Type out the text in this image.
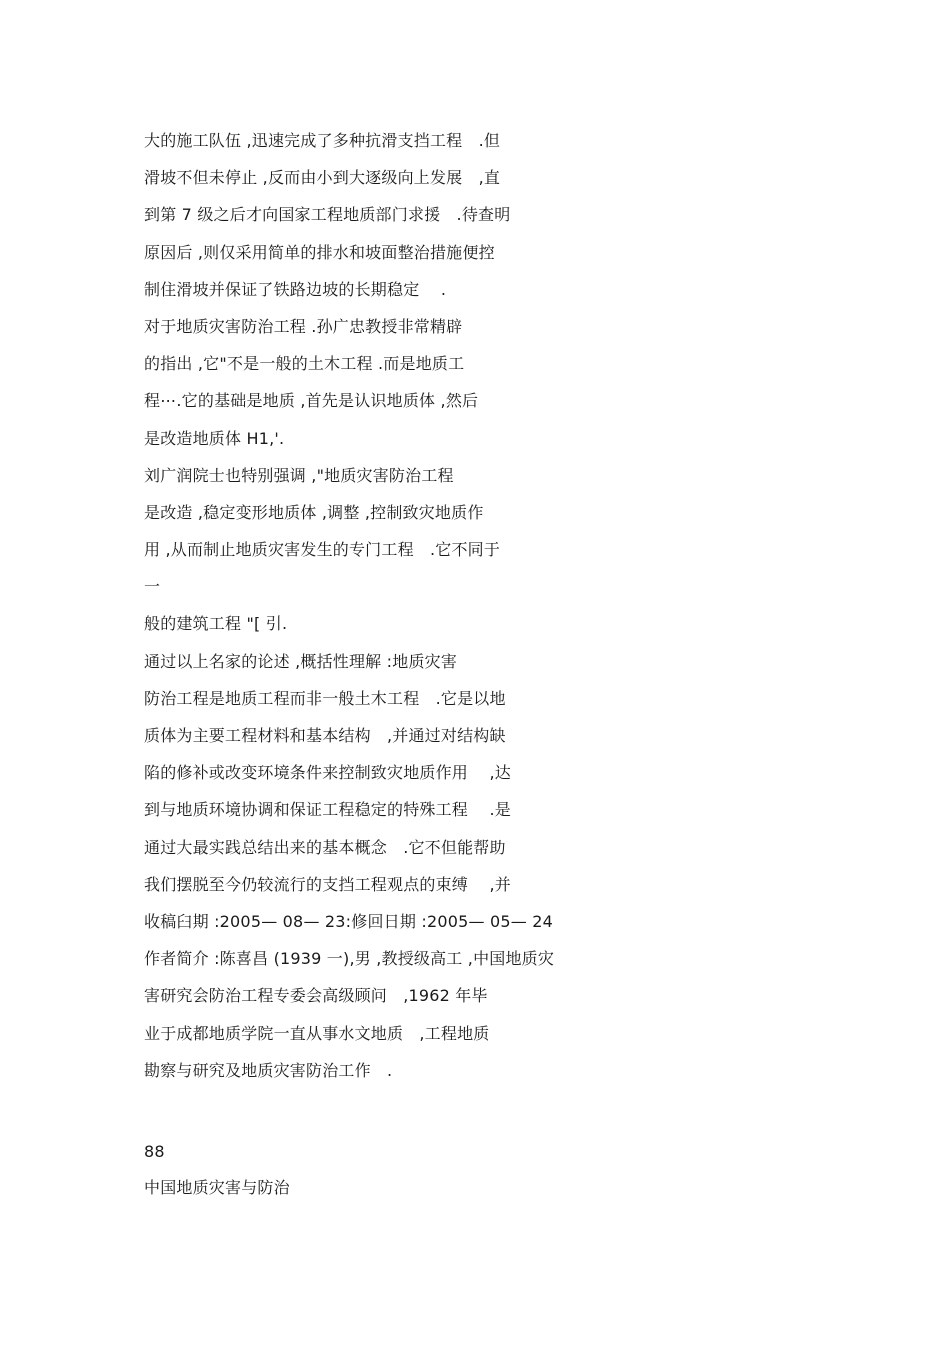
大的施工队伍 ,迅速完成了多种抗滑支挡工程　.但
滑坡不但未停止 ,反而由小到大逐级向上发展　,直
到第 7 级之后才向国家工程地质部门求援　.待查明
原因后 ,则仅采用简单的排水和坡面整治措施便控
制住滑坡并保证了铁路边坡的长期稳定　 .
对于地质灾害防治工程 .孙广忠教授非常精辟
的指出 ,它"不是一般的土木工程 .而是地质工
程⋯.它的基础是地质 ,首先是认识地质体 ,然后
是改造地质体 H1,'.
刘广润院士也特别强调 ,"地质灾害防治工程
是改造 ,稳定变形地质体 ,调整 ,控制致灾地质作
用 ,从而制止地质灾害发生的专门工程　.它不同于
一
般的建筑工程 "[ 引.
通过以上名家的论述 ,概括性理解 :地质灾害
防治工程是地质工程而非一般土木工程　.它是以地
质体为主要工程材料和基本结构　,并通过对结构缺
陷的修补或改变环境条件来控制致灾地质作用　 ,达
到与地质环境协调和保证工程稳定的特殊工程　 .是
通过大最实践总结出来的基本概念　.它不但能帮助
我们摆脱至今仍较流行的支挡工程观点的束缚　 ,并
收稿臼期 :2005— 08— 23:修回日期 :2005— 05— 24
作者简介 :陈喜昌 (1939 一),男 ,教授级高工 ,中国地质灾
害研究会防治工程专委会高级顾问　,1962 年毕
业于成都地质学院一直从事水文地质　,工程地质
勘察与研究及地质灾害防治工作　.
88
中国地质灾害与防治
